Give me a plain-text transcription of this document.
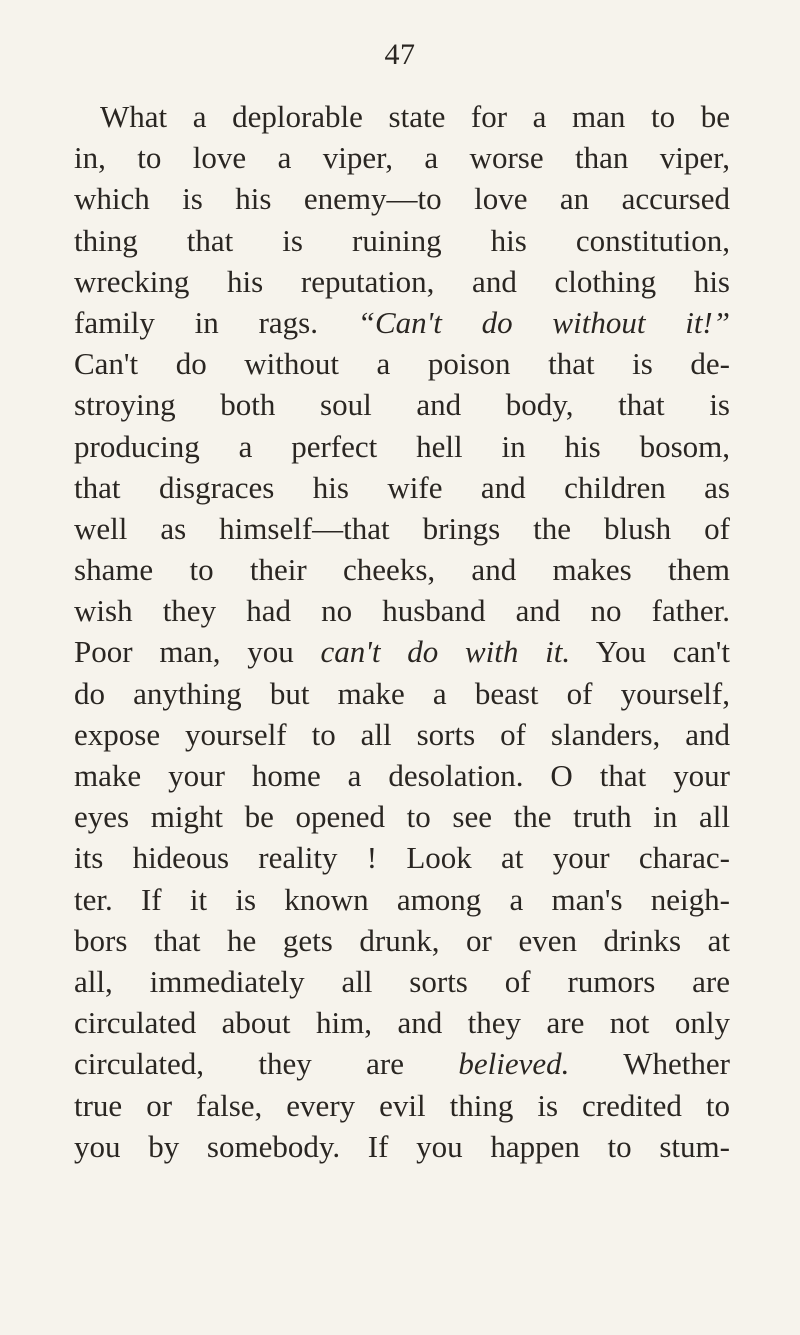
47
What a deplorable state for a man to be
in, to love a viper, a worse than viper,
which is his enemy—to love an accursed
thing that is ruining his constitution,
wrecking his reputation, and clothing his
family in rags. “Can't do without it!”
Can't do without a poison that is de-
stroying both soul and body, that is
producing a perfect hell in his bosom,
that disgraces his wife and children as
well as himself—that brings the blush of
shame to their cheeks, and makes them
wish they had no husband and no father.
Poor man, you can't do with it. You can't
do anything but make a beast of yourself,
expose yourself to all sorts of slanders, and
make your home a desolation. O that your
eyes might be opened to see the truth in all
its hideous reality ! Look at your charac-
ter. If it is known among a man's neigh-
bors that he gets drunk, or even drinks at
all, immediately all sorts of rumors are
circulated about him, and they are not only
circulated, they are believed. Whether
true or false, every evil thing is credited to
you by somebody. If you happen to stum-
